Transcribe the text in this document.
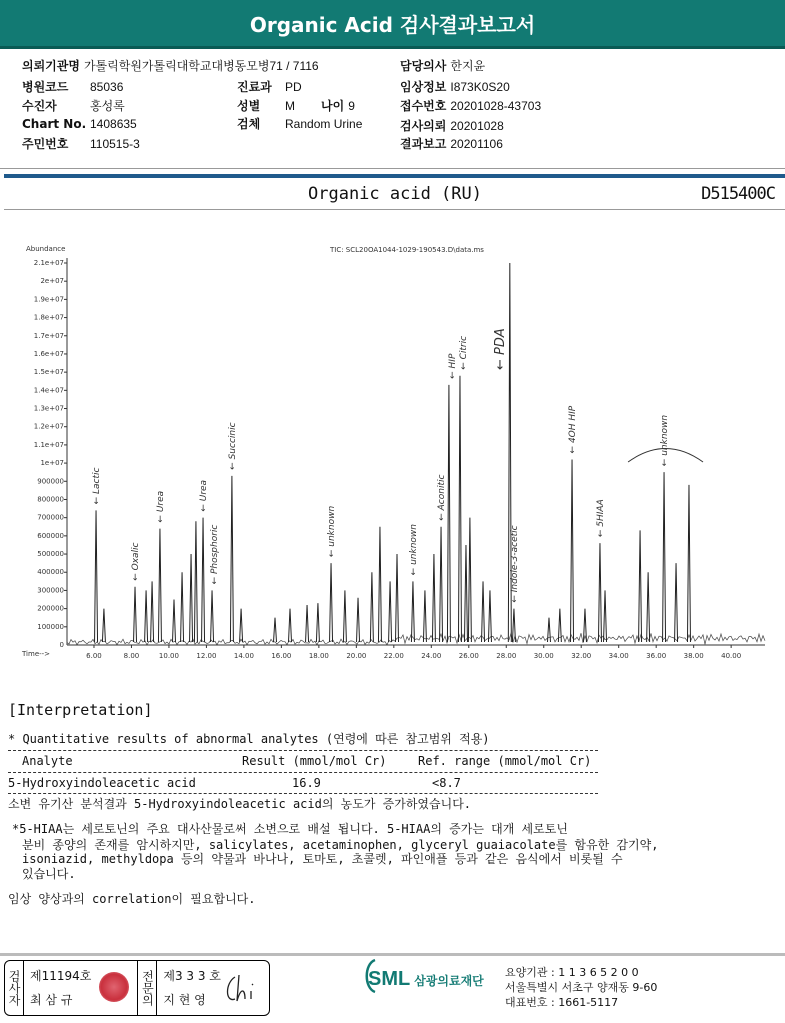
Organic Acid 검사결과보고서
의뢰기관명 가톨릭학원가톨릭대학교대병동모병71 / 7116
병원코드 85036
수진자	홍성록
Chart No. 1408635
주민번호 110515-3
진료과 PD
성별 M 나이 9
검체 Random Urine
담당의사 한지윤
임상정보 I873K0S20
접수번호 20201028-43703
검사의뢰 20201028
결과보고 20201106
Organic acid (RU)	D515400C
Abundance
Time-->
TIC: SCL20OA1044-1029-190543.D\data.ms
0
100000
200000
300000
400000
500000
600000
700000
800000
900000
1e+07
1.1e+07
1.2e+07
1.3e+07
1.4e+07
1.5e+07
1.6e+07
1.7e+07
1.8e+07
1.9e+07
2e+07
2.1e+07
6.00	8.00	10.00 12.00 14.00 16.00 18.00 20.00 22.00 24.00 26.00 28.00 30.00 32.00 34.00 36.00 38.00 40.00
← Lactic
← Oxalic
← Urea	← Urea
← Phosphoric
← Succinic
← unknown	← unknown
← Aconitic
← HIP ← Citric ← PDA
← Indole-3-acetic
← 4OH HIP
← 5HIAA
← unknown
[Interpretation]
* Quantitative results of abnormal analytes (연령에 따른 참고범위 적용)
Analyte	Result (mmol/mol Cr)	Ref. range (mmol/mol Cr)
5-Hydroxyindoleacetic acid	16.9	<8.7
소변 유기산 분석결과 5-Hydroxyindoleacetic acid의 농도가 증가하였습니다.
*5-HIAA는 세로토닌의 주요 대사산물로써 소변으로 배설 됩니다. 5-HIAA의 증가는 대개 세로토닌
분비 종양의 존재를 암시하지만, salicylates, acetaminophen, glyceryl guaiacolate를 함유한 감기약,
isoniazid, methyldopa 등의 약물과 바나나, 토마토, 초콜렛, 파인애플 등과 같은 음식에서 비롯될 수
있습니다.
임상 양상과의 correlation이 필요합니다.
검사자 제11194호
최 삼 규	전문의 제3 3 3 호
지 현 영
SML 삼광의료재단
요양기관 : 1 1 3 6 5 2 0 0
서울특별시 서초구 양재동 9-60
대표번호 : 1661-5117
